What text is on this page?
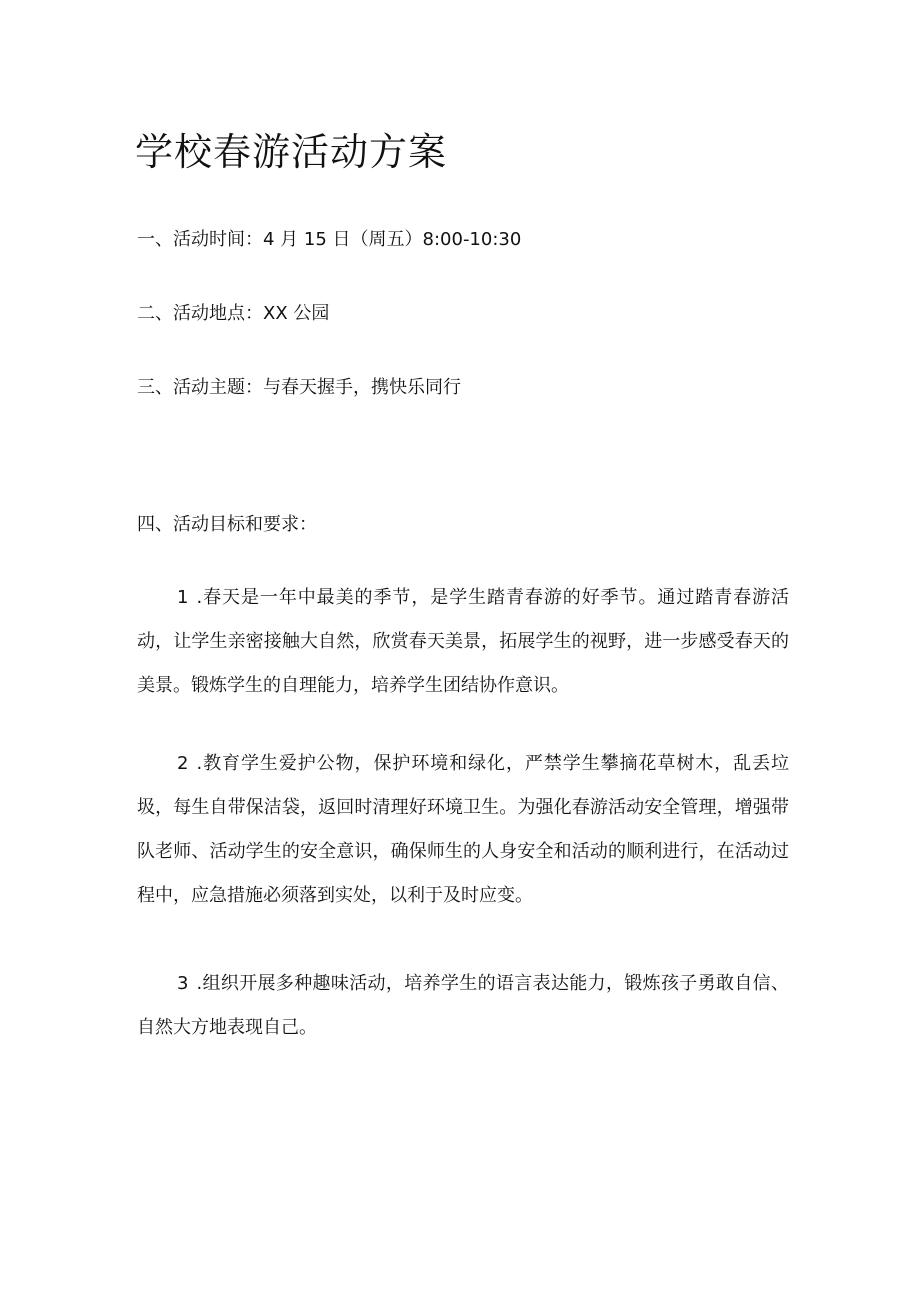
学校春游活动方案

一、活动时间：4 月 15 日（周五）8:00-10:30

二、活动地点：XX 公园

三、活动主题：与春天握手，携快乐同行

四、活动目标和要求：

1 .春天是一年中最美的季节，是学生踏青春游的好季节。通过踏青春游活动，让学生亲密接触大自然，欣赏春天美景，拓展学生的视野，进一步感受春天的美景。锻炼学生的自理能力，培养学生团结协作意识。

2 .教育学生爱护公物，保护环境和绿化，严禁学生攀摘花草树木，乱丢垃圾，每生自带保洁袋，返回时清理好环境卫生。为强化春游活动安全管理，增强带队老师、活动学生的安全意识，确保师生的人身安全和活动的顺利进行，在活动过程中，应急措施必须落到实处，以利于及时应变。

3 .组织开展多种趣味活动，培养学生的语言表达能力，锻炼孩子勇敢自信、自然大方地表现自己。
